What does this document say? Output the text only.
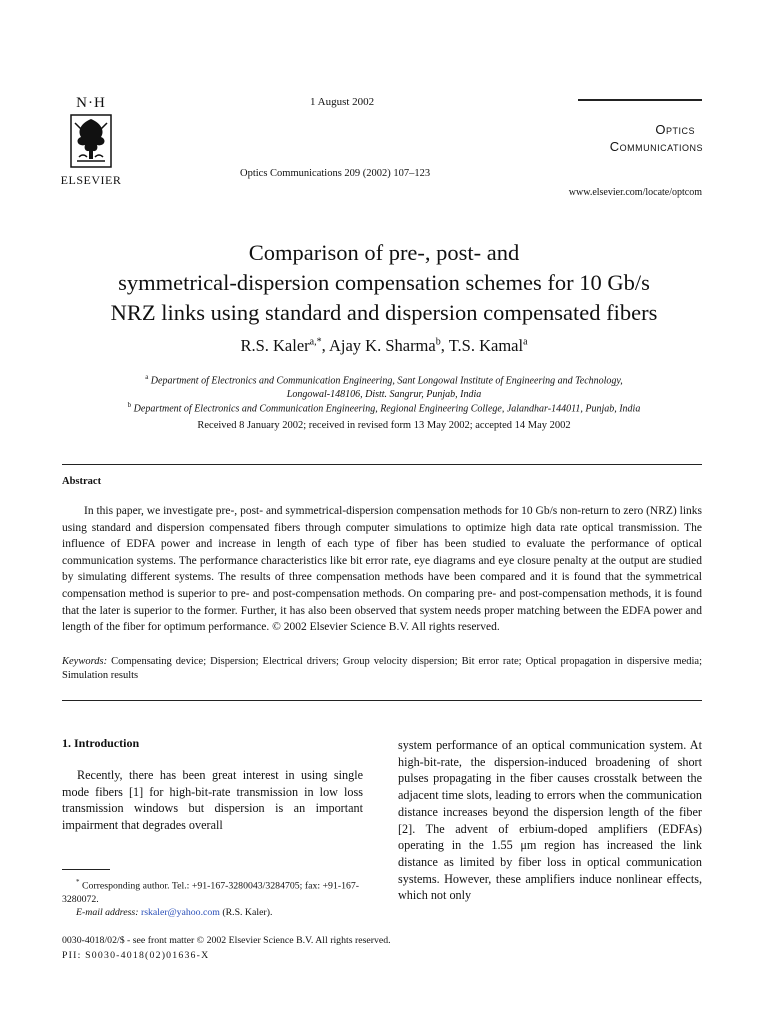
N·H
ELSEVIER
1 August 2002
Optics Communications 209 (2002) 107–123
Optics
Communications
www.elsevier.com/locate/optcom
Comparison of pre-, post- and
symmetrical-dispersion compensation schemes for 10 Gb/s
NRZ links using standard and dispersion compensated fibers
R.S. Kaler$^{a,*}$, Ajay K. Sharma$^b$, T.S. Kamal$^a$
$^a$ Department of Electronics and Communication Engineering, Sant Longowal Institute of Engineering and Technology,
Longowal-148106, Distt. Sangrur, Punjab, India
$^b$ Department of Electronics and Communication Engineering, Regional Engineering College, Jalandhar-144011, Punjab, India
Received 8 January 2002; received in revised form 13 May 2002; accepted 14 May 2002
Abstract
In this paper, we investigate pre-, post- and symmetrical-dispersion compensation methods for 10 Gb/s non-return to zero (NRZ) links using standard and dispersion compensated fibers through computer simulations to optimize high data rate optical transmission. The influence of EDFA power and increase in length of each type of fiber has been studied to evaluate the performance of optical communication systems. The performance characteristics like bit error rate, eye diagrams and eye closure penalty at the output are studied by simulating different systems. The results of three compensation methods have been compared and it is found that the symmetrical compensation method is superior to pre- and post-compensation methods. On comparing pre- and post-compensation methods, it is found that the later is superior to the former. Further, it has also been observed that system needs proper matching between the EDFA power and length of the fiber for optimum performance. © 2002 Elsevier Science B.V. All rights reserved.
Keywords: Compensating device; Dispersion; Electrical drivers; Group velocity dispersion; Bit error rate; Optical propagation in dispersive media; Simulation results
1. Introduction
Recently, there has been great interest in using single mode fibers [1] for high-bit-rate transmission in low loss transmission windows but dispersion is an important impairment that degrades overall
system performance of an optical communication system. At high-bit-rate, the dispersion-induced broadening of short pulses propagating in the fiber causes crosstalk between the adjacent time slots, leading to errors when the communication distance increases beyond the dispersion length of the fiber [2]. The advent of erbium-doped amplifiers (EDFAs) operating in the 1.55 μm region has increased the link distance as limited by fiber loss in optical communication systems. However, these amplifiers induce nonlinear effects, which not only
* Corresponding author. Tel.: +91-167-3280043/3284705; fax: +91-167-3280072.
E-mail address: rskaler@yahoo.com (R.S. Kaler).
0030-4018/02/$ - see front matter © 2002 Elsevier Science B.V. All rights reserved.
PII: S0030-4018(02)01636-X
